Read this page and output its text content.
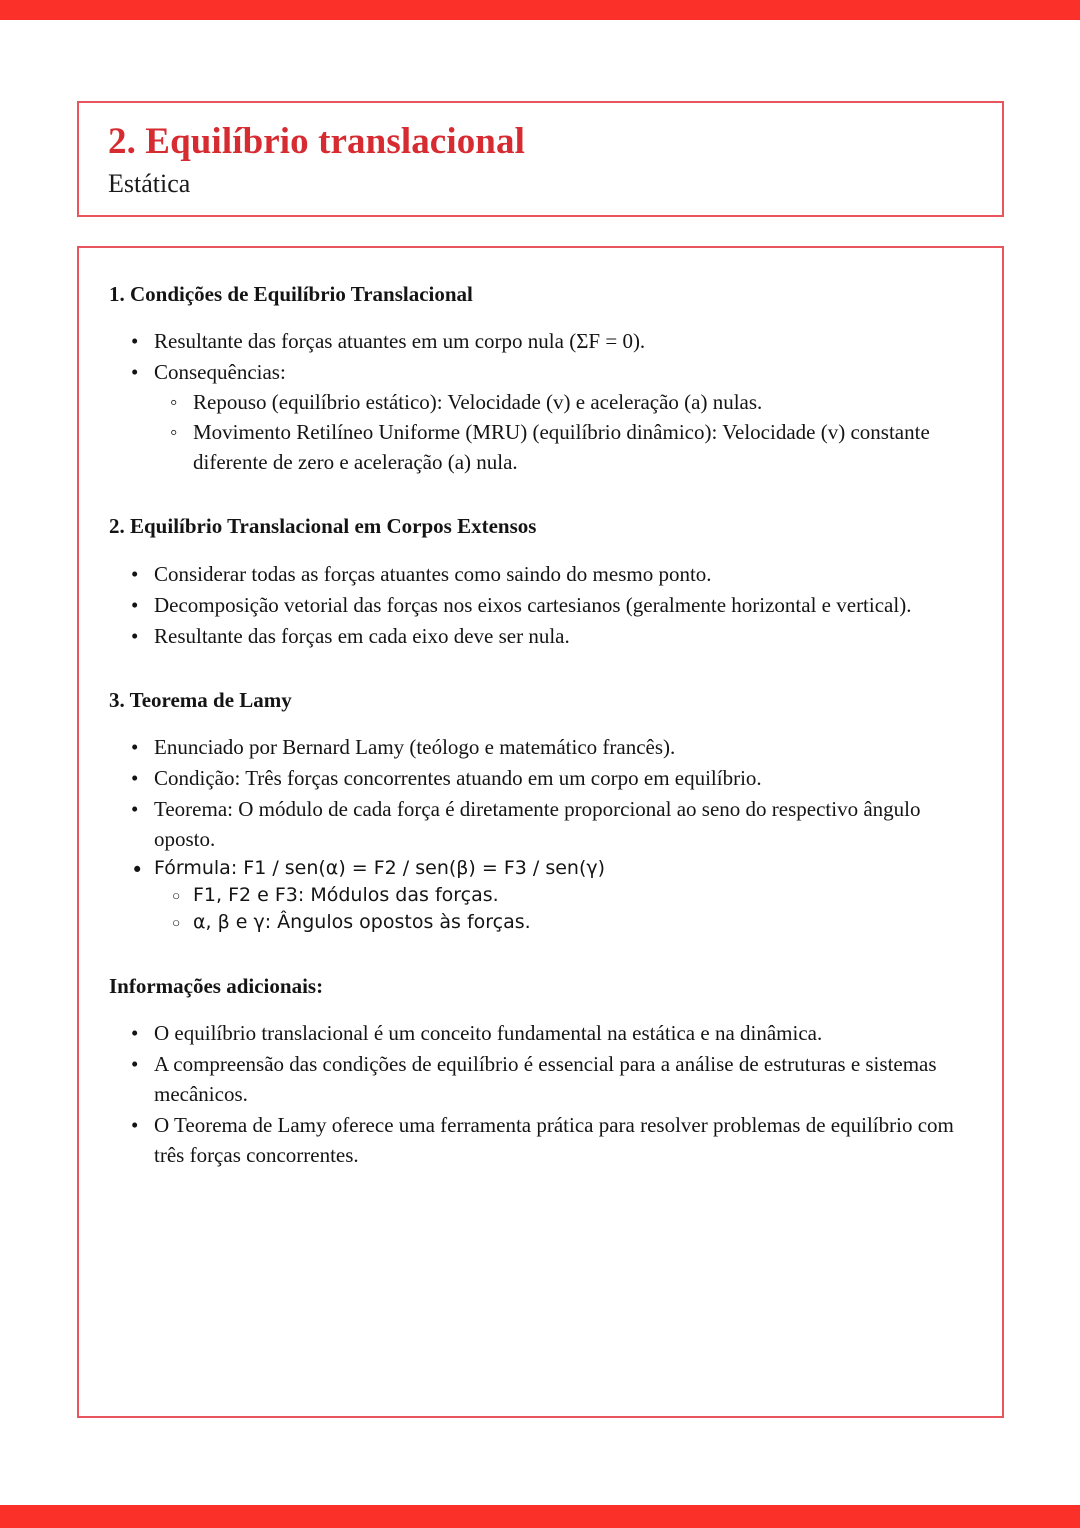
2. Equilíbrio translacional
Estática
1. Condições de Equilíbrio Translacional
• Resultante das forças atuantes em um corpo nula (ΣF = 0).
• Consequências:
◦ Repouso (equilíbrio estático): Velocidade (v) e aceleração (a) nulas.
◦ Movimento Retilíneo Uniforme (MRU) (equilíbrio dinâmico): Velocidade (v) constante diferente de zero e aceleração (a) nula.
2. Equilíbrio Translacional em Corpos Extensos
• Considerar todas as forças atuantes como saindo do mesmo ponto.
• Decomposição vetorial das forças nos eixos cartesianos (geralmente horizontal e vertical).
• Resultante das forças em cada eixo deve ser nula.
3. Teorema de Lamy
• Enunciado por Bernard Lamy (teólogo e matemático francês).
• Condição: Três forças concorrentes atuando em um corpo em equilíbrio.
• Teorema: O módulo de cada força é diretamente proporcional ao seno do respectivo ângulo oposto.
• Fórmula: F1 / sen(α) = F2 / sen(β) = F3 / sen(γ)
◦ F1, F2 e F3: Módulos das forças.
◦ α, β e γ: Ângulos opostos às forças.
Informações adicionais:
• O equilíbrio translacional é um conceito fundamental na estática e na dinâmica.
• A compreensão das condições de equilíbrio é essencial para a análise de estruturas e sistemas mecânicos.
• O Teorema de Lamy oferece uma ferramenta prática para resolver problemas de equilíbrio com três forças concorrentes.
